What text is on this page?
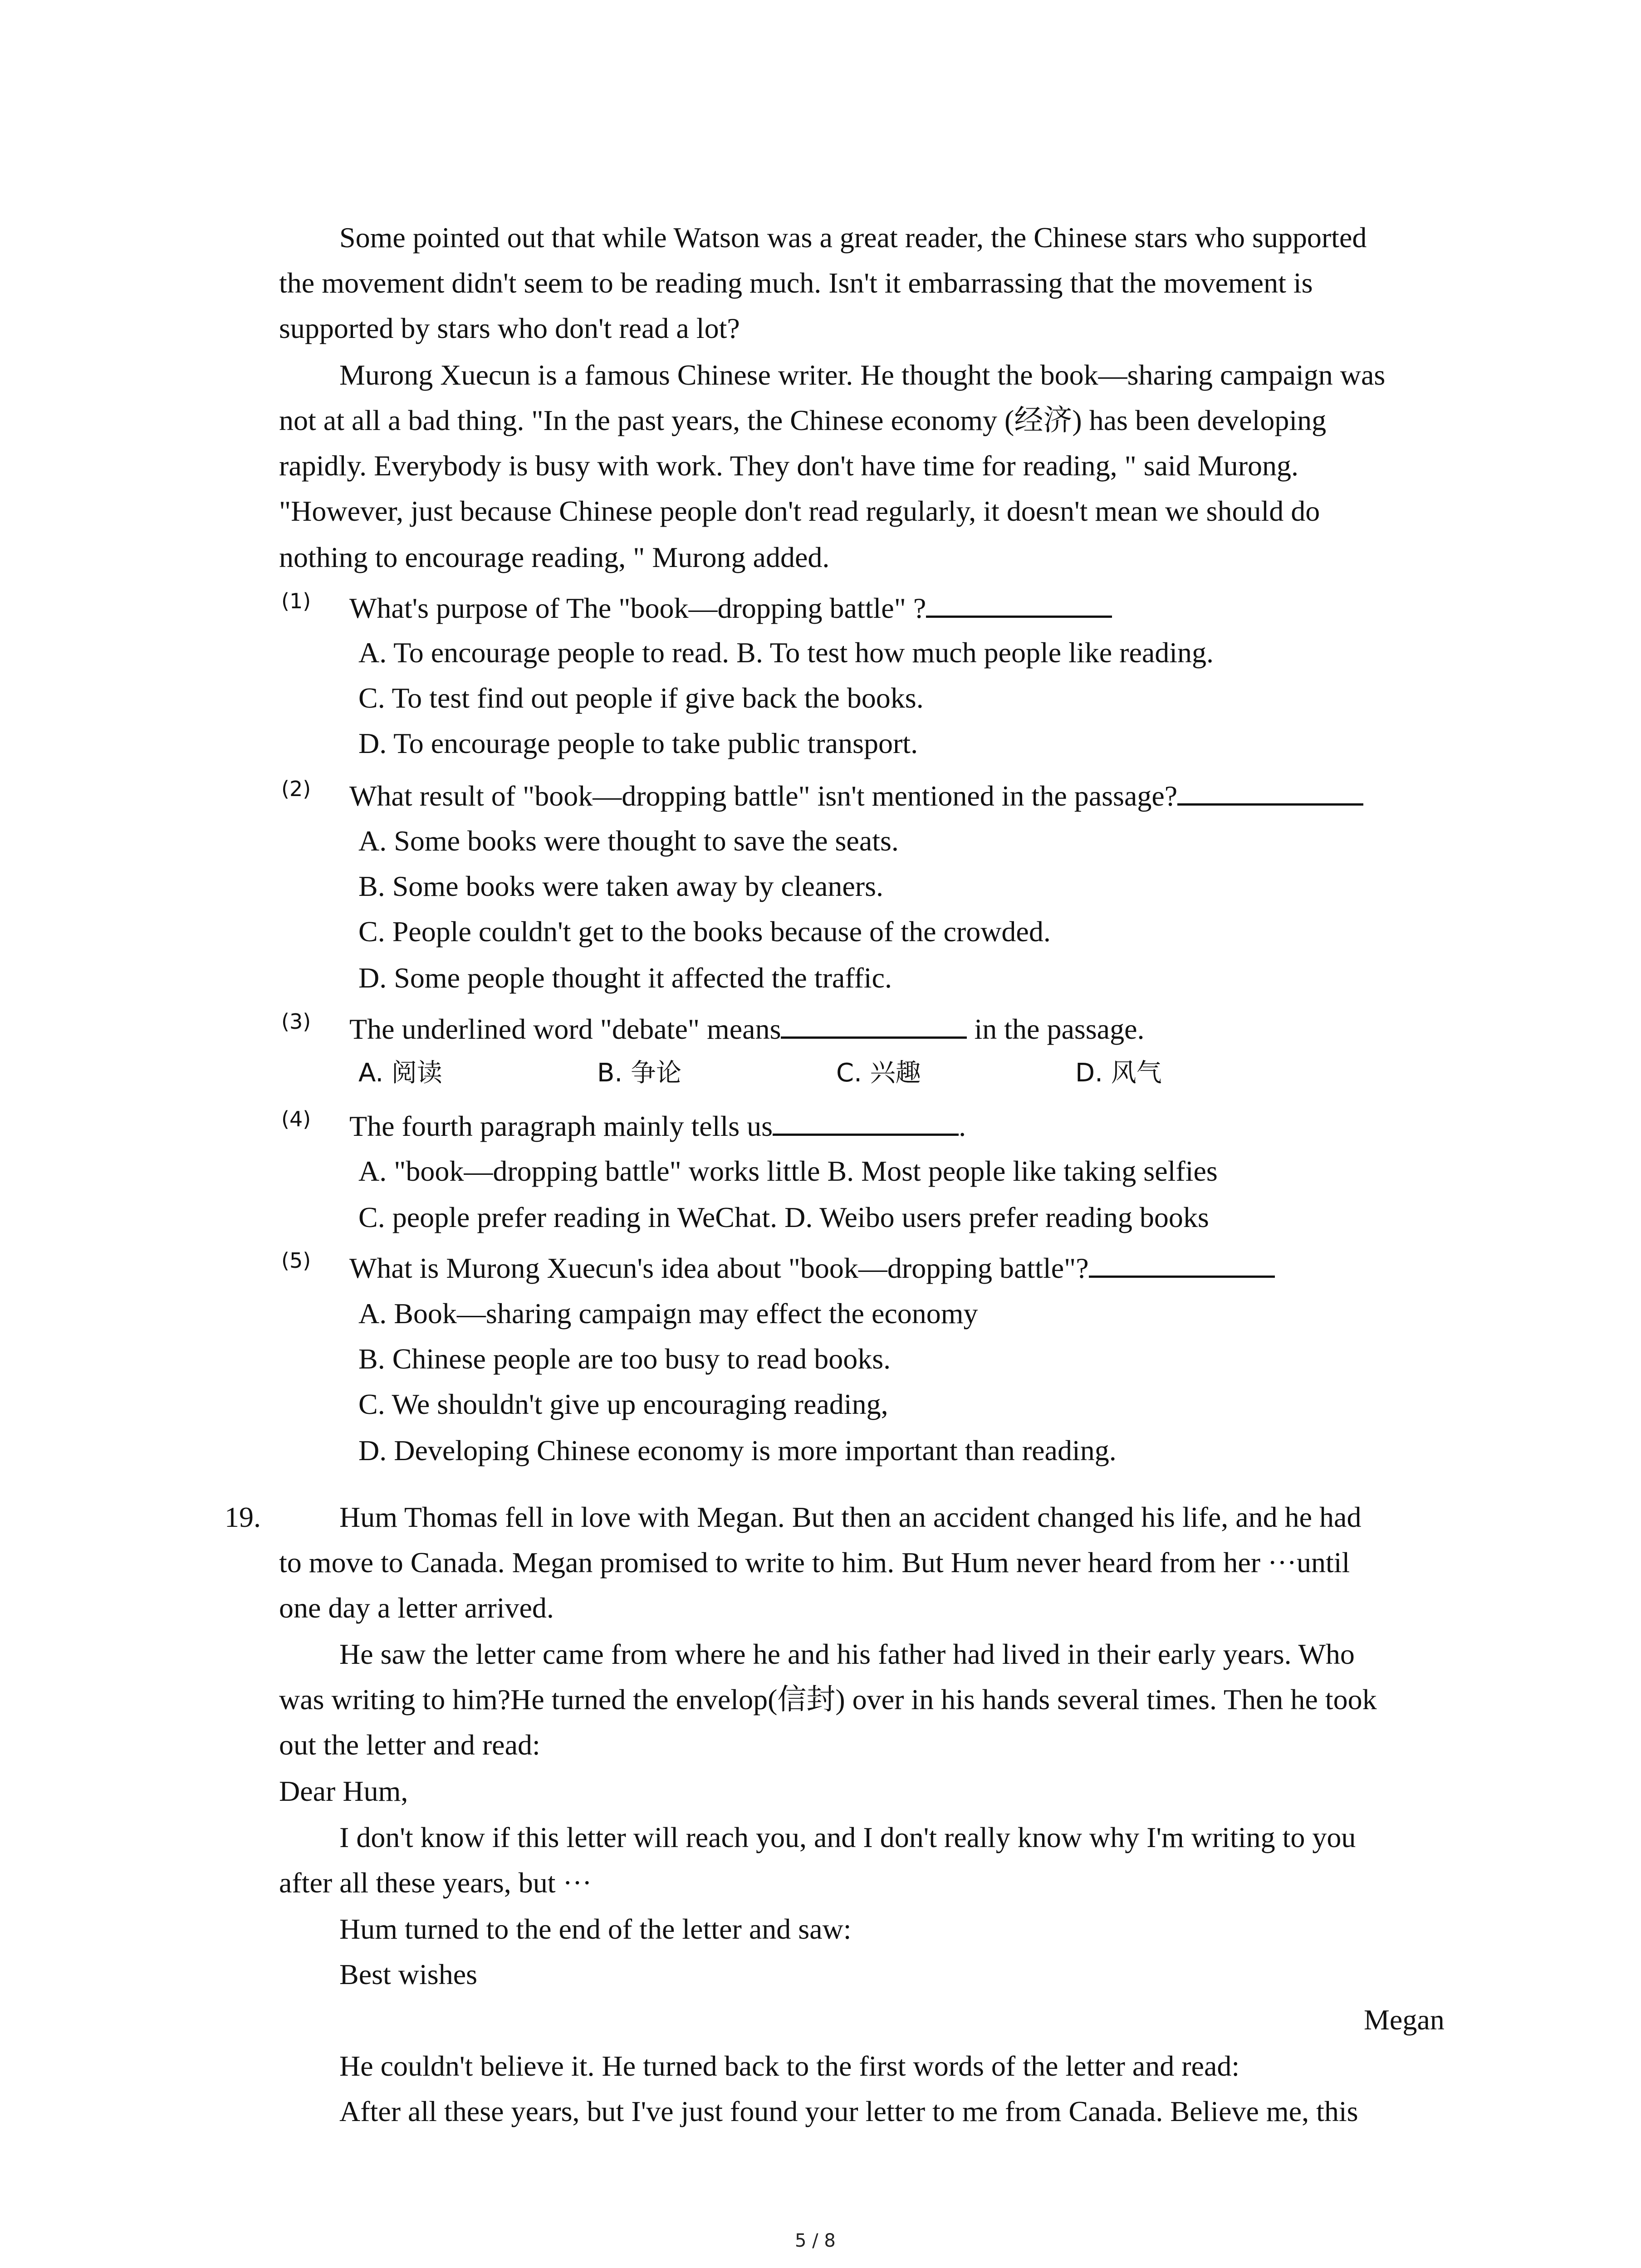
Some pointed out that while Watson was a great reader, the Chinese stars who supported
the movement didn't seem to be reading much. Isn't it embarrassing that the movement is
supported by stars who don't read a lot?
Murong Xuecun is a famous Chinese writer. He thought the book—sharing campaign was
not at all a bad thing. "In the past years, the Chinese economy (经济) has been developing
rapidly. Everybody is busy with work. They don't have time for reading, " said Murong.
"However, just because Chinese people don't read regularly, it doesn't mean we should do
nothing to encourage reading, " Murong added.
(1) What's purpose of The "book—dropping battle" ?
A. To encourage people to read. B. To test how much people like reading.
C. To test find out people if give back the books.
D. To encourage people to take public transport.
(2) What result of "book—dropping battle" isn't mentioned in the passage?
A. Some books were thought to save the seats.
B. Some books were taken away by cleaners.
C. People couldn't get to the books because of the crowded.
D. Some people thought it affected the traffic.
(3) The underlined word "debate" means	in the passage.
A. 阅读	B. 争论	C. 兴趣	D. 风气
(4) The fourth paragraph mainly tells us	.
A. "book—dropping battle" works little B. Most people like taking selfies
C. people prefer reading in WeChat. D. Weibo users prefer reading books
(5) What is Murong Xuecun's idea about "book—dropping battle"?
A. Book—sharing campaign may effect the economy
B. Chinese people are too busy to read books.
C. We shouldn't give up encouraging reading,
D. Developing Chinese economy is more important than reading.
19.	Hum Thomas fell in love with Megan. But then an accident changed his life, and he had
to move to Canada. Megan promised to write to him. But Hum never heard from her ···until
one day a letter arrived.
He saw the letter came from where he and his father had lived in their early years. Who
was writing to him?He turned the envelop(信封) over in his hands several times. Then he took
out the letter and read:
Dear Hum,
I don't know if this letter will reach you, and I don't really know why I'm writing to you
after all these years, but ···
Hum turned to the end of the letter and saw:
Best wishes
Megan
He couldn't believe it. He turned back to the first words of the letter and read:
After all these years, but I've just found your letter to me from Canada. Believe me, this
5 / 8
